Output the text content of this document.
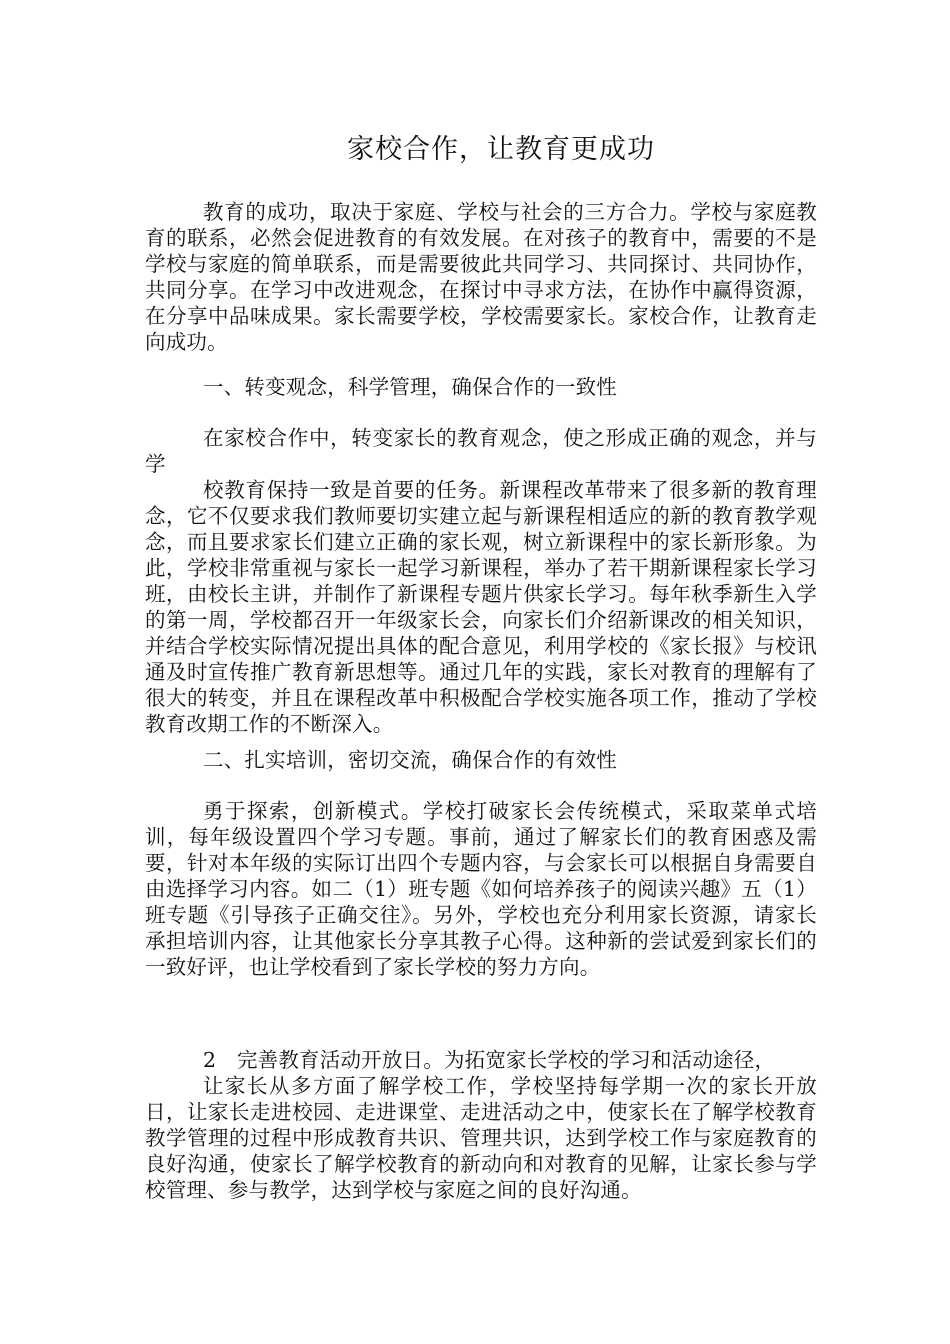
家校合作，让教育更成功

教育的成功，取决于家庭、学校与社会的三方合力。学校与家庭教育的联系，必然会促进教育的有效发展。在对孩子的教育中，需要的不是学校与家庭的简单联系，而是需要彼此共同学习、共同探讨、共同协作，共同分享。在学习中改进观念，在探讨中寻求方法，在协作中赢得资源，在分享中品味成果。家长需要学校，学校需要家长。家校合作，让教育走向成功。

一、转变观念，科学管理，确保合作的一致性

在家校合作中，转变家长的教育观念，使之形成正确的观念，并与学

校教育保持一致是首要的任务。新课程改革带来了很多新的教育理念，它不仅要求我们教师要切实建立起与新课程相适应的新的教育教学观念，而且要求家长们建立正确的家长观，树立新课程中的家长新形象。为此，学校非常重视与家长一起学习新课程，举办了若干期新课程家长学习班，由校长主讲，并制作了新课程专题片供家长学习。每年秋季新生入学的第一周，学校都召开一年级家长会，向家长们介绍新课改的相关知识，并结合学校实际情况提出具体的配合意见，利用学校的《家长报》与校讯通及时宣传推广教育新思想等。通过几年的实践，家长对教育的理解有了很大的转变，并且在课程改革中积极配合学校实施各项工作，推动了学校教育改期工作的不断深入。

二、扎实培训，密切交流，确保合作的有效性

勇于探索，创新模式。学校打破家长会传统模式，采取菜单式培训，每年级设置四个学习专题。事前，通过了解家长们的教育困惑及需要，针对本年级的实际订出四个专题内容，与会家长可以根据自身需要自由选择学习内容。如二（1）班专题《如何培养孩子的阅读兴趣》五（1）班专题《引导孩子正确交往》。另外，学校也充分利用家长资源，请家长承担培训内容，让其他家长分享其教子心得。这种新的尝试爱到家长们的一致好评，也让学校看到了家长学校的努力方向。

2　完善教育活动开放日。为拓宽家长学校的学习和活动途径，

让家长从多方面了解学校工作，学校坚持每学期一次的家长开放日，让家长走进校园、走进课堂、走进活动之中，使家长在了解学校教育教学管理的过程中形成教育共识、管理共识，达到学校工作与家庭教育的良好沟通，使家长了解学校教育的新动向和对教育的见解，让家长参与学校管理、参与教学，达到学校与家庭之间的良好沟通。
